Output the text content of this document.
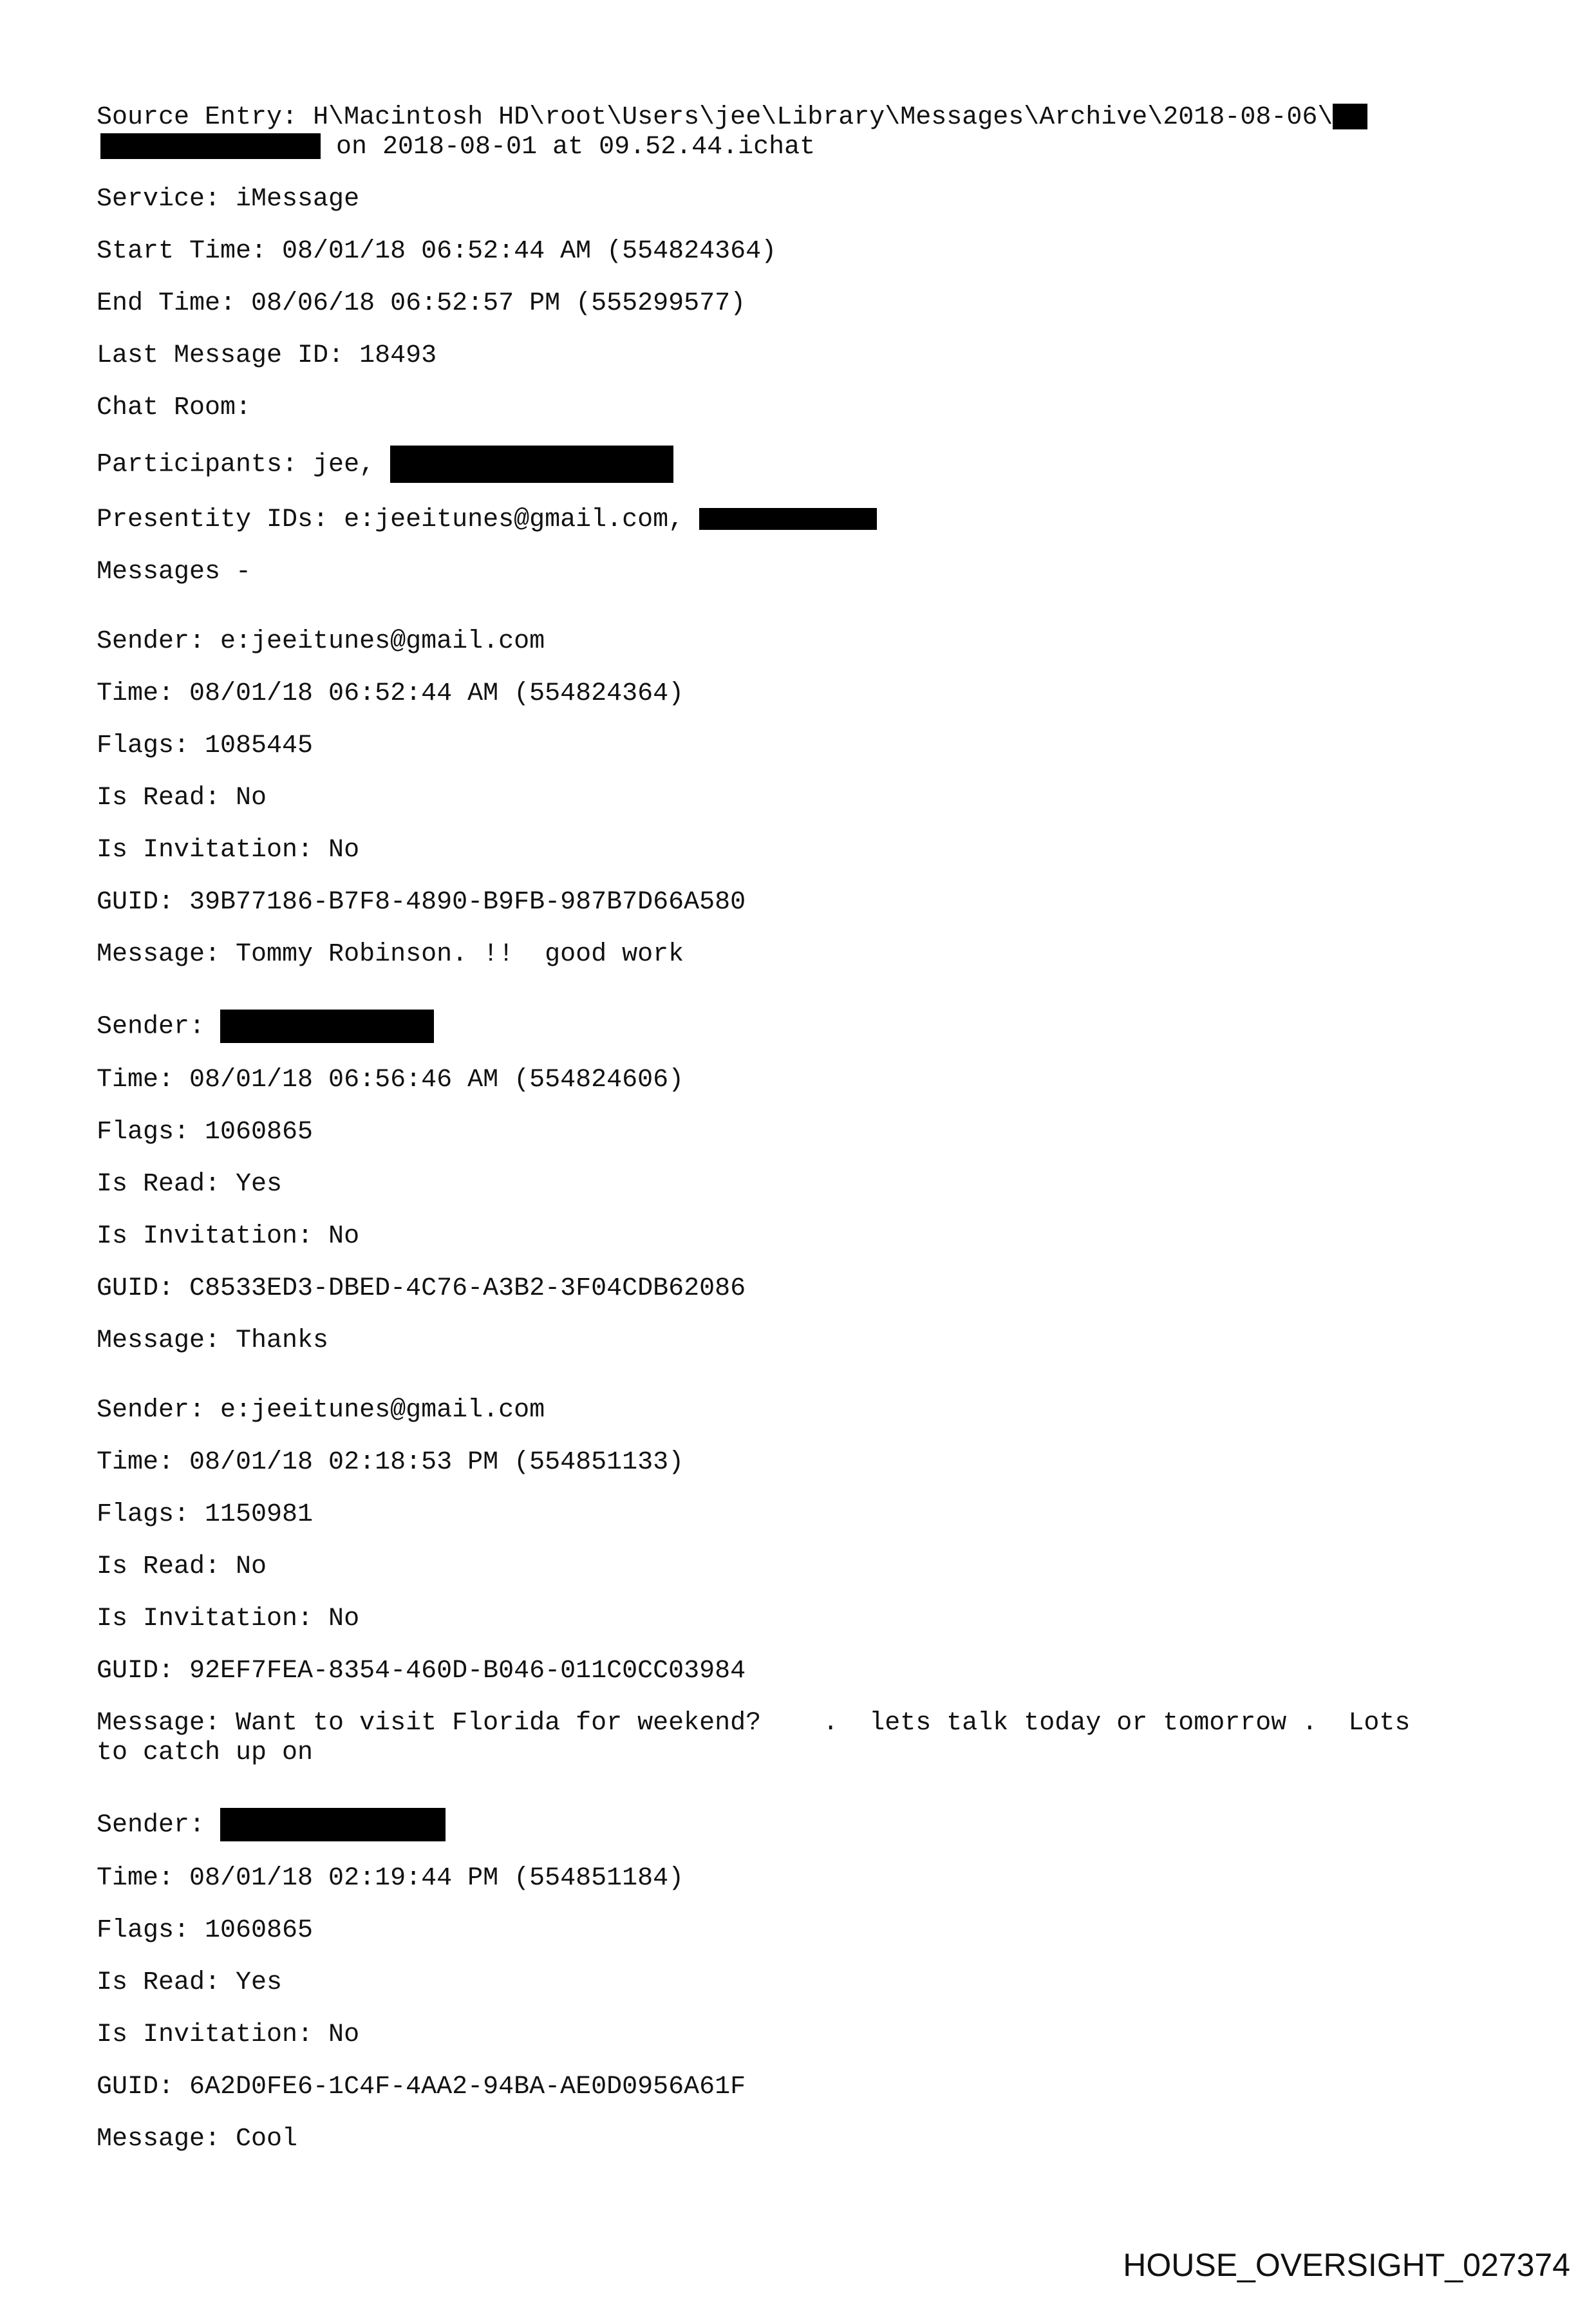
Source Entry: H\Macintosh HD\root\Users\jee\Library\Messages\Archive\2018-08-06\
on 2018-08-01 at 09.52.44.ichat
Service: iMessage
Start Time: 08/01/18 06:52:44 AM (554824364)
End Time: 08/06/18 06:52:57 PM (555299577)
Last Message ID: 18493
Chat Room:
Participants: jee,
Presentity IDs: e:jeeitunes@gmail.com,
Messages -
Sender: e:jeeitunes@gmail.com
Time: 08/01/18 06:52:44 AM (554824364)
Flags: 1085445
Is Read: No
Is Invitation: No
GUID: 39B77186-B7F8-4890-B9FB-987B7D66A580
Message: Tommy Robinson. !!  good work
Sender:
Time: 08/01/18 06:56:46 AM (554824606)
Flags: 1060865
Is Read: Yes
Is Invitation: No
GUID: C8533ED3-DBED-4C76-A3B2-3F04CDB62086
Message: Thanks
Sender: e:jeeitunes@gmail.com
Time: 08/01/18 02:18:53 PM (554851133)
Flags: 1150981
Is Read: No
Is Invitation: No
GUID: 92EF7FEA-8354-460D-B046-011C0CC03984
Message: Want to visit Florida for weekend?    .  lets talk today or tomorrow .  Lots
to catch up on
Sender:
Time: 08/01/18 02:19:44 PM (554851184)
Flags: 1060865
Is Read: Yes
Is Invitation: No
GUID: 6A2D0FE6-1C4F-4AA2-94BA-AE0D0956A61F
Message: Cool
HOUSE_OVERSIGHT_027374
